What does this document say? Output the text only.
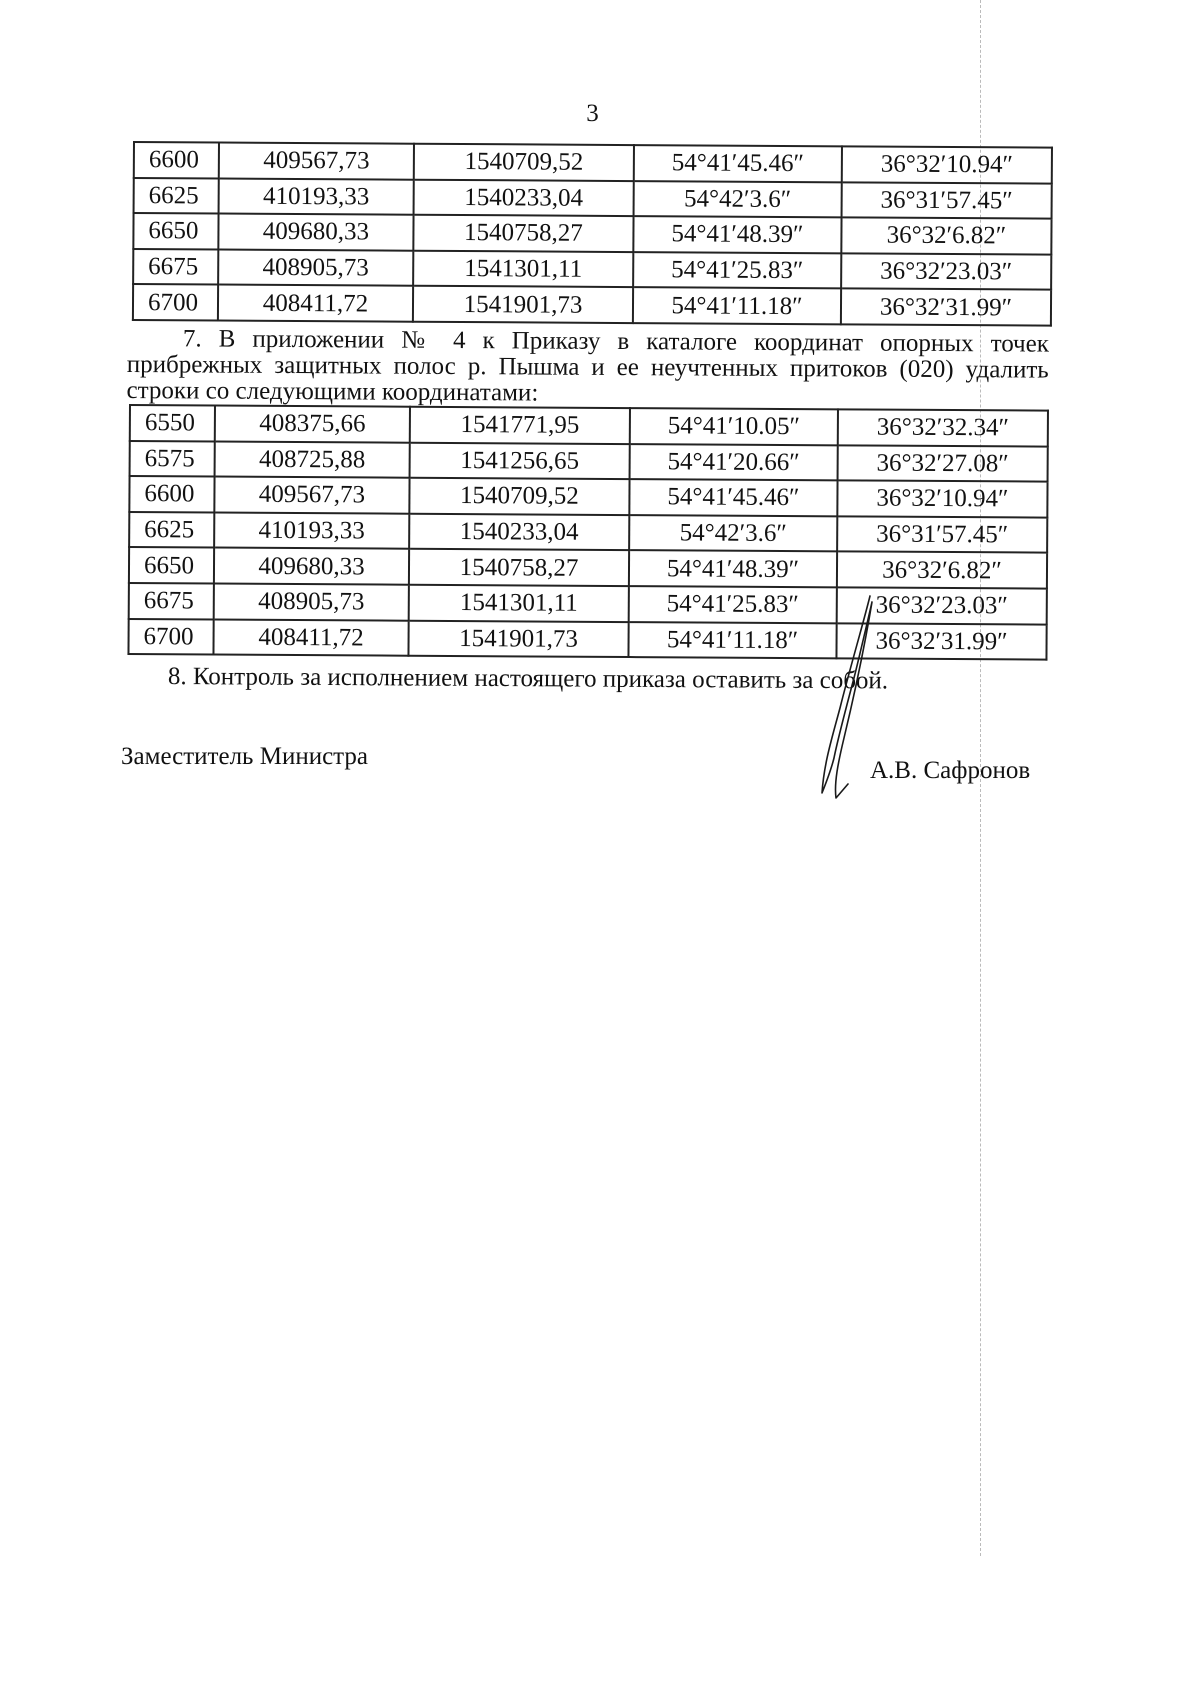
3
6600	409567,73	1540709,52	54°41′45.46″	36°32′10.94″
6625	410193,33	1540233,04	54°42′3.6″	36°31′57.45″
6650	409680,33	1540758,27	54°41′48.39″	36°32′6.82″
6675	408905,73	1541301,11	54°41′25.83″	36°32′23.03″
6700	408411,72	1541901,73	54°41′11.18″	36°32′31.99″
7. В приложении № 4 к Приказу в каталоге координат опорных точек прибрежных защитных полос р. Пышма и ее неучтенных притоков (020) удалить строки со следующими координатами:
6550	408375,66	1541771,95	54°41′10.05″	36°32′32.34″
6575	408725,88	1541256,65	54°41′20.66″	36°32′27.08″
6600	409567,73	1540709,52	54°41′45.46″	36°32′10.94″
6625	410193,33	1540233,04	54°42′3.6″	36°31′57.45″
6650	409680,33	1540758,27	54°41′48.39″	36°32′6.82″
6675	408905,73	1541301,11	54°41′25.83″	36°32′23.03″
6700	408411,72	1541901,73	54°41′11.18″	36°32′31.99″
8. Контроль за исполнением настоящего приказа оставить за собой.
Заместитель Министра
А.В. Сафронов
